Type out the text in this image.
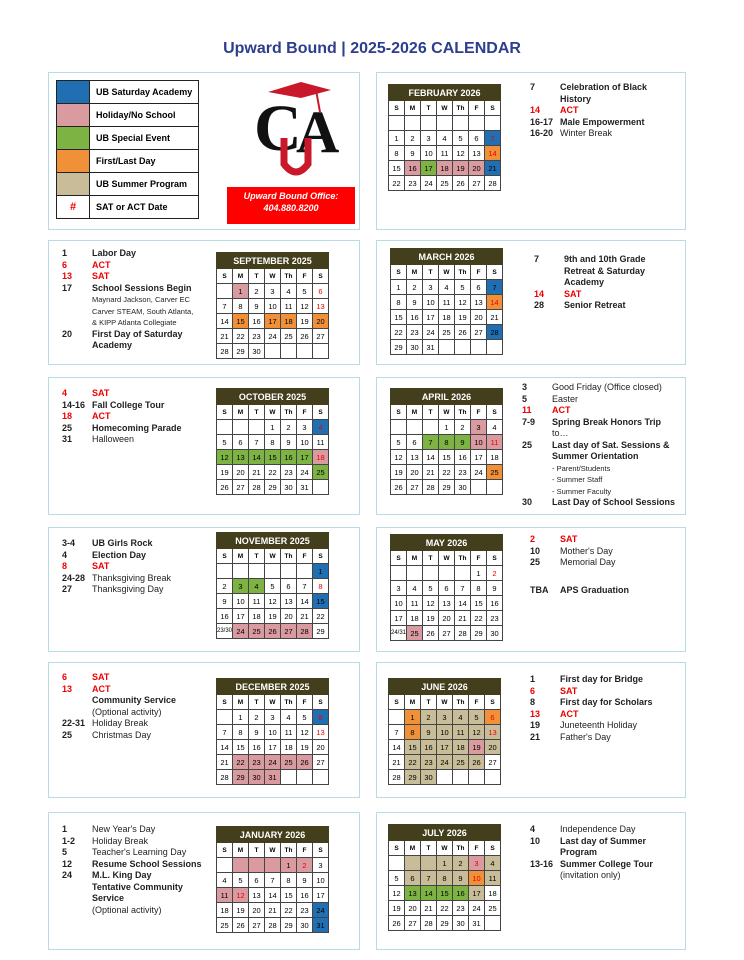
Upward Bound | 2025-2026 CALENDAR
	UB Saturday Academy
	Holiday/No School
	UB Special Event
	First/Last Day
	UB Summer Program
#	SAT or ACT Date
C
A
Upward Bound Office:
404.880.8200
FEBRUARY 2026						
S	M	T	W	Th	F	S

1	2	3	4	5	6	7
8	9	10	11	12	13	14
15	16	17	18	19	20	21
22	23	24	25	26	27	28
SEPTEMBER 2025						
S	M	T	W	Th	F	S
	1	2	3	4	5	6
7	8	9	10	11	12	13
14	15	16	17	18	19	20
21	22	23	24	25	26	27
28	29	30				
MARCH 2026						
S	M	T	W	Th	F	S
1	2	3	4	5	6	7
8	9	10	11	12	13	14
15	16	17	18	19	20	21
22	23	24	25	26	27	28
29	30	31				
OCTOBER 2025						
S	M	T	W	Th	F	S
			1	2	3	4
5	6	7	8	9	10	11
12	13	14	15	16	17	18
19	20	21	22	23	24	25
26	27	28	29	30	31	
APRIL 2026						
S	M	T	W	Th	F	S
			1	2	3	4
5	6	7	8	9	10	11
12	13	14	15	16	17	18
19	20	21	22	23	24	25
26	27	28	29	30		
NOVEMBER 2025						
S	M	T	W	Th	F	S
						1
2	3	4	5	6	7	8
9	10	11	12	13	14	15
16	17	18	19	20	21	22
23/30	24	25	26	27	28	29
MAY 2026						
S	M	T	W	Th	F	S
					1	2
3	4	5	6	7	8	9
10	11	12	13	14	15	16
17	18	19	20	21	22	23
24/31	25	26	27	28	29	30
DECEMBER 2025						
S	M	T	W	Th	F	S
	1	2	3	4	5	6
7	8	9	10	11	12	13
14	15	16	17	18	19	20
21	22	23	24	25	26	27
28	29	30	31			
JUNE 2026						
S	M	T	W	Th	F	S
	1	2	3	4	5	6
7	8	9	10	11	12	13
14	15	16	17	18	19	20
21	22	23	24	25	26	27
28	29	30				
JANUARY 2026						
S	M	T	W	Th	F	S
				1	2	3
4	5	6	7	8	9	10
11	12	13	14	15	16	17
18	19	20	21	22	23	24
25	26	27	28	29	30	31
JULY 2026						
S	M	T	W	Th	F	S
			1	2	3	4
5	6	7	8	9	10	11
12	13	14	15	16	17	18
19	20	21	22	23	24	25
26	27	28	29	30	31	
7	Celebration of Black
History
14	ACT
16-17 Male Empowerment
16-20 Winter Break
1	Labor Day
6	ACT
13	SAT
17	School Sessions Begin
Maynard Jackson, Carver EC
Carver STEAM, South Atlanta,
& KIPP Atlanta Collegiate
20	First Day of Saturday
Academy
7	9th and 10th Grade
Retreat & Saturday
Academy
14	SAT
28	Senior Retreat
4	SAT
14-16 Fall College Tour
18	ACT
25	Homecoming Parade
31	Halloween
3	Good Friday (Office closed)
5	Easter
11	ACT
7-9	Spring Break Honors Trip
to…
25	Last day of Sat. Sessions &
Summer Orientation
- Parent/Students
- Summer Staff
- Summer Faculty
30	Last Day of School Sessions
3-4	UB Girls Rock
4	Election Day
8	SAT
24-28 Thanksgiving Break
27	Thanksgiving Day
2	SAT
10	Mother's Day
25	Memorial Day
TBA	APS Graduation
6	SAT
13	ACT
Community Service
(Optional activity)
22-31 Holiday Break
25	Christmas Day
1	First day for Bridge
6	SAT
8	First day for Scholars
13	ACT
19	Juneteenth Holiday
21	Father's Day
1	New Year's Day
1-2	Holiday Break
5	Teacher's Learning Day
12	Resume School Sessions
24	M.L. King Day
Tentative Community
Service
(Optional activity)
4	Independence Day
10	Last day of Summer
Program
13-16 Summer College Tour
(invitation only)
